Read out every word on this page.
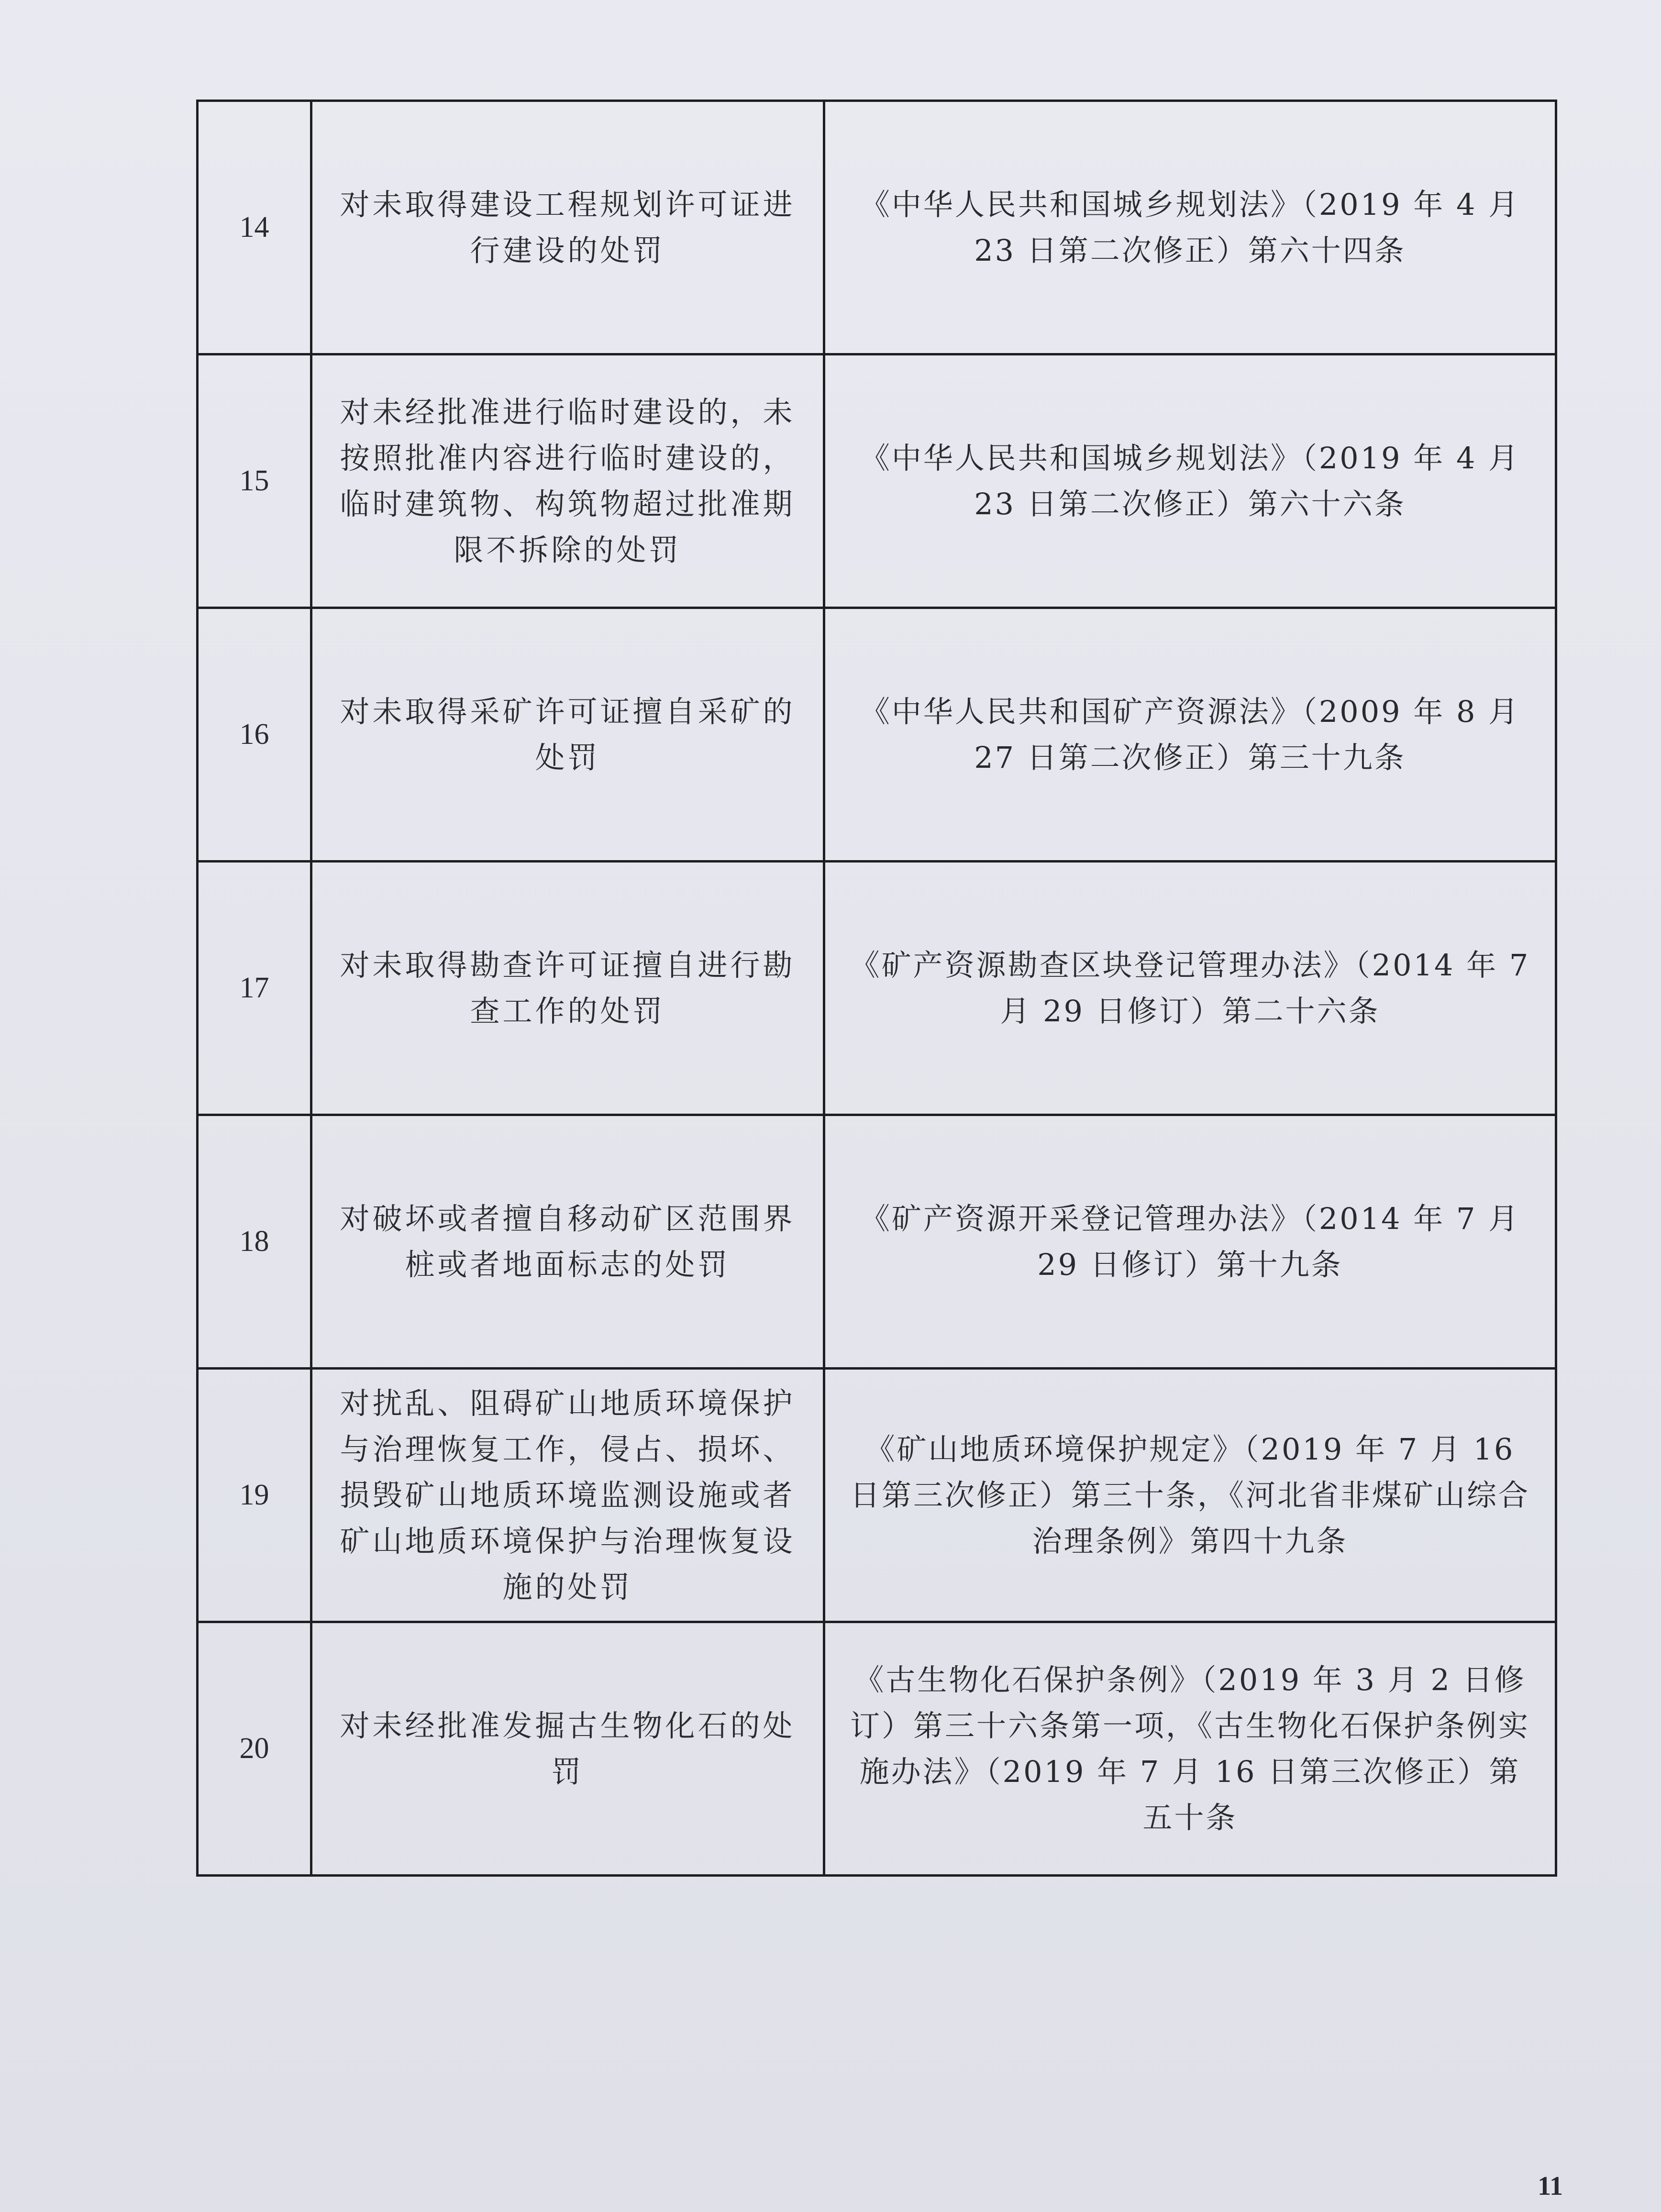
14	对未取得建设工程规划许可证进行建设的处罚	《中华人民共和国城乡规划法》（2019 年 4 月 23 日第二次修正）第六十四条
15	对未经批准进行临时建设的，未按照批准内容进行临时建设的，临时建筑物、构筑物超过批准期限不拆除的处罚	《中华人民共和国城乡规划法》（2019 年 4 月 23 日第二次修正）第六十六条
16	对未取得采矿许可证擅自采矿的处罚	《中华人民共和国矿产资源法》（2009 年 8 月 27 日第二次修正）第三十九条
17	对未取得勘查许可证擅自进行勘查工作的处罚	《矿产资源勘查区块登记管理办法》（2014 年 7 月 29 日修订）第二十六条
18	对破坏或者擅自移动矿区范围界桩或者地面标志的处罚	《矿产资源开采登记管理办法》（2014 年 7 月 29 日修订）第十九条
19	对扰乱、阻碍矿山地质环境保护与治理恢复工作，侵占、损坏、损毁矿山地质环境监测设施或者矿山地质环境保护与治理恢复设施的处罚	《矿山地质环境保护规定》（2019 年 7 月 16 日第三次修正）第三十条，《河北省非煤矿山综合治理条例》第四十九条
20	对未经批准发掘古生物化石的处罚	《古生物化石保护条例》（2019 年 3 月 2 日修订）第三十六条第一项，《古生物化石保护条例实施办法》（2019 年 7 月 16 日第三次修正）第五十条
11
